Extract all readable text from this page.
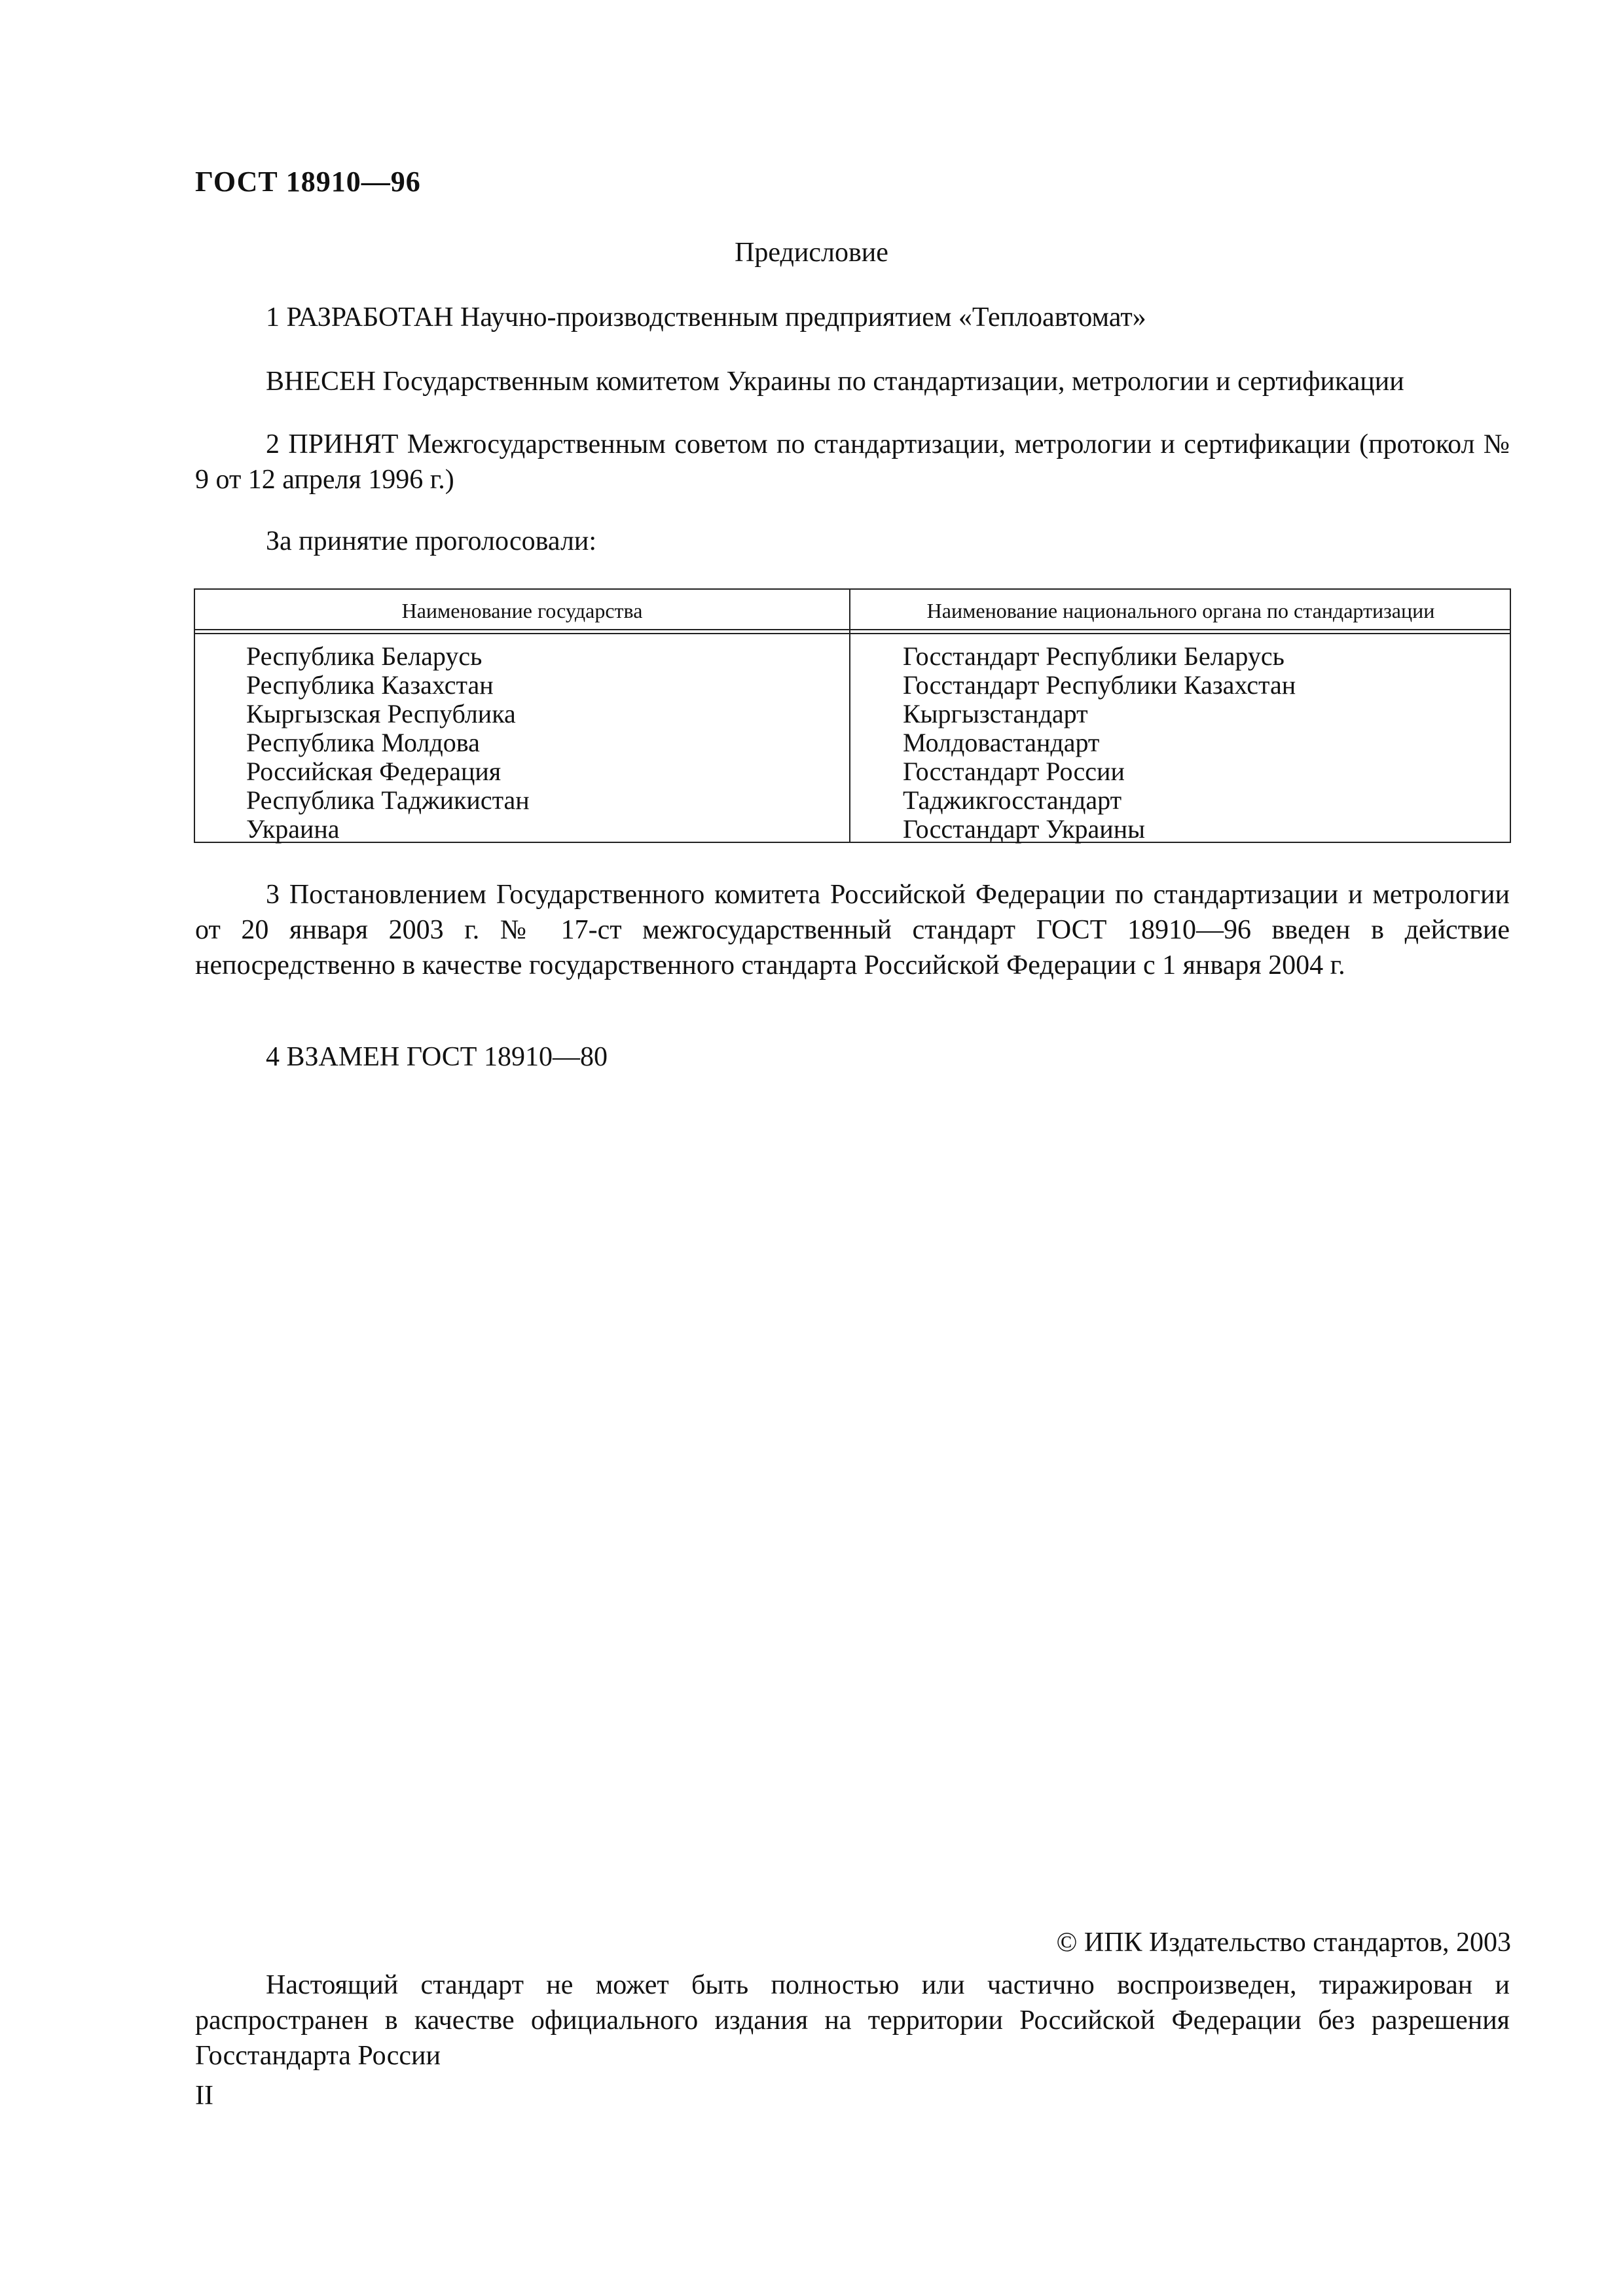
ГОСТ 18910—96
Предисловие
1 РАЗРАБОТАН Научно-производственным предприятием «Теплоавтомат»
ВНЕСЕН Государственным комитетом Украины по стандартизации, метрологии и сертификации
2 ПРИНЯТ Межгосударственным советом по стандартизации, метрологии и сертификации (протокол № 9 от 12 апреля 1996 г.)
За принятие проголосовали:
Наименование государства	Наименование национального органа по стандартизации
Республика Беларусь	Госстандарт Республики Беларусь
Республика Казахстан	Госстандарт Республики Казахстан
Кыргызская Республика	Кыргызстандарт
Республика Молдова	Молдовастандарт
Российская Федерация	Госстандарт России
Республика Таджикистан	Таджикгосстандарт
Украина	Госстандарт Украины
3 Постановлением Государственного комитета Российской Федерации по стандартизации и метрологии от 20 января 2003 г. № 17-ст межгосударственный стандарт ГОСТ 18910—96 введен в действие непосредственно в качестве государственного стандарта Российской Федерации с 1 января 2004 г.
4 ВЗАМЕН ГОСТ 18910—80
© ИПК Издательство стандартов, 2003
Настоящий стандарт не может быть полностью или частично воспроизведен, тиражирован и распространен в качестве официального издания на территории Российской Федерации без разрешения Госстандарта России
II
